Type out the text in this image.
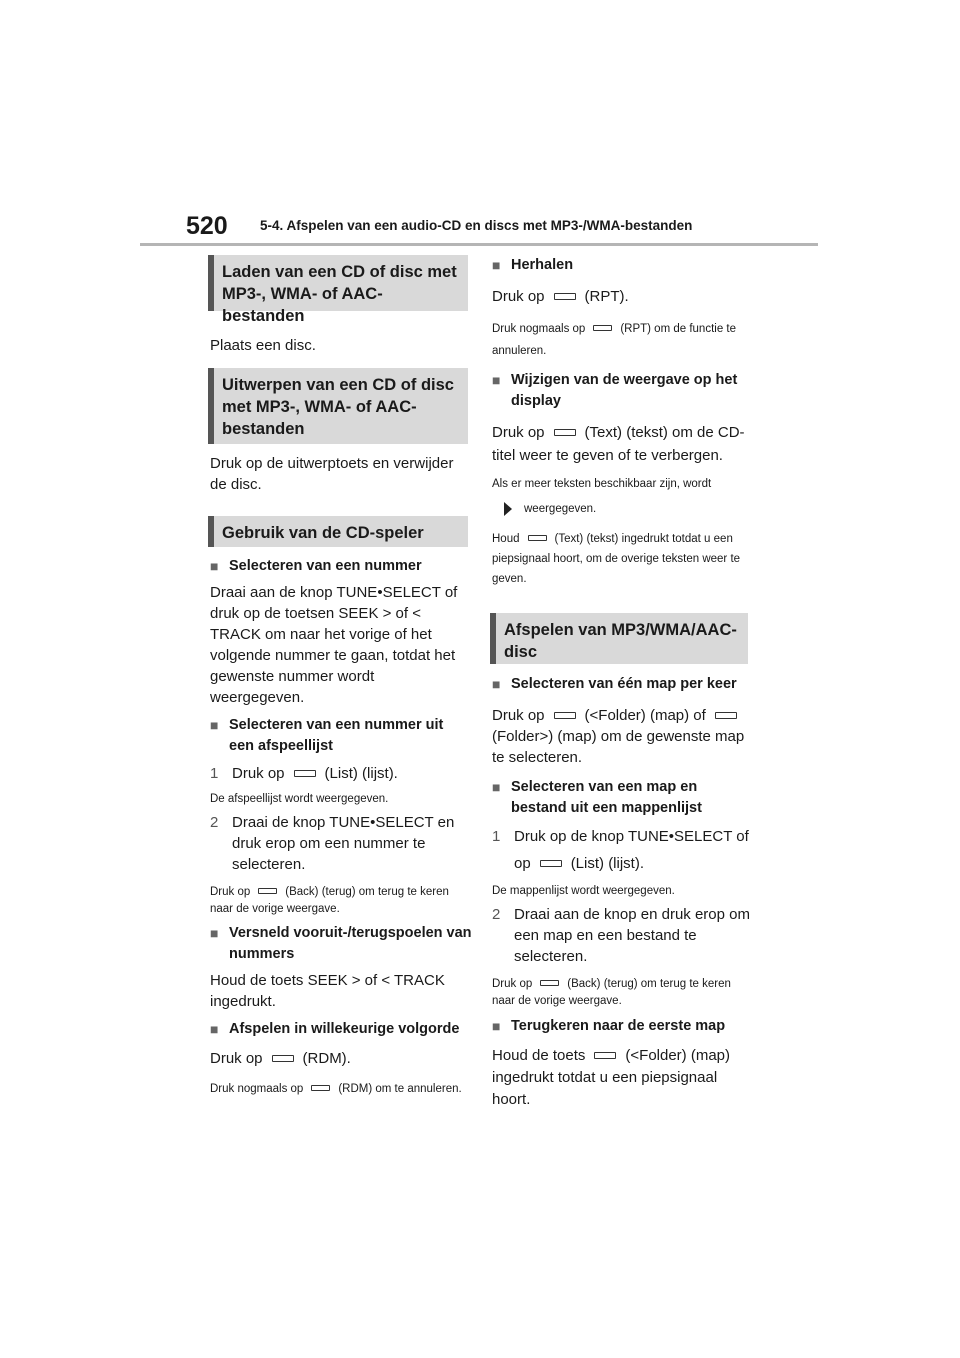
520 5-4. Afspelen van een audio-CD en discs met MP3-/WMA-bestanden
Laden van een CD of disc met MP3-, WMA- of AAC-bestanden

Plaats een disc.

Uitwerpen van een CD of disc met MP3-, WMA- of AAC-bestanden

Druk op de uitwerptoets en verwijder de disc.

Gebruik van de CD-speler
■ Selecteren van een nummer

Draai aan de knop TUNE•SELECT of druk op de toetsen SEEK > of < TRACK om naar het vorige of het volgende nummer te gaan, totdat het gewenste nummer wordt weergegeven.

■ Selecteren van een nummer uit een afspeellijst
1 Druk op	(List) (lijst).

De afspeellijst wordt weergegeven.

2 Draai de knop TUNE•SELECT en druk erop om een nummer te selecteren.

Druk op	(Back) (terug) om terug te keren naar de vorige weergave.

■ Versneld vooruit-/terugspoelen van nummers

Houd de toets SEEK > of < TRACK ingedrukt.

■ Afspelen in willekeurige volgorde

Druk op	(RDM).

Druk nogmaals op	(RDM) om te annuleren.

■ Herhalen

Druk op	(RPT).

Druk nogmaals op	(RPT) om de functie te annuleren.

■ Wijzigen van de weergave op het display

Druk op	(Text) (tekst) om de CD-titel weer te geven of te verbergen.

Als er meer teksten beschikbaar zijn, wordt

weergegeven.

Houd	(Text) (tekst) ingedrukt totdat u een piepsignaal hoort, om de overige teksten weer te geven.

Afspelen van MP3/WMA/AAC-disc
■ Selecteren van één map per keer

Druk op	(<Folder) (map) of(Folder>) (map) om de gewenste map te selecteren.

■ Selecteren van een map en bestand uit een mappenlijst
1 Druk op de knop TUNE•SELECT of op	(List) (lijst).

De mappenlijst wordt weergegeven.

2 Draai aan de knop en druk erop om een map en een bestand te selecteren.

Druk op	(Back) (terug) om terug te keren naar de vorige weergave.

■ Terugkeren naar de eerste map

Houd de toets	(<Folder) (map) ingedrukt totdat u een piepsignaal hoort.
